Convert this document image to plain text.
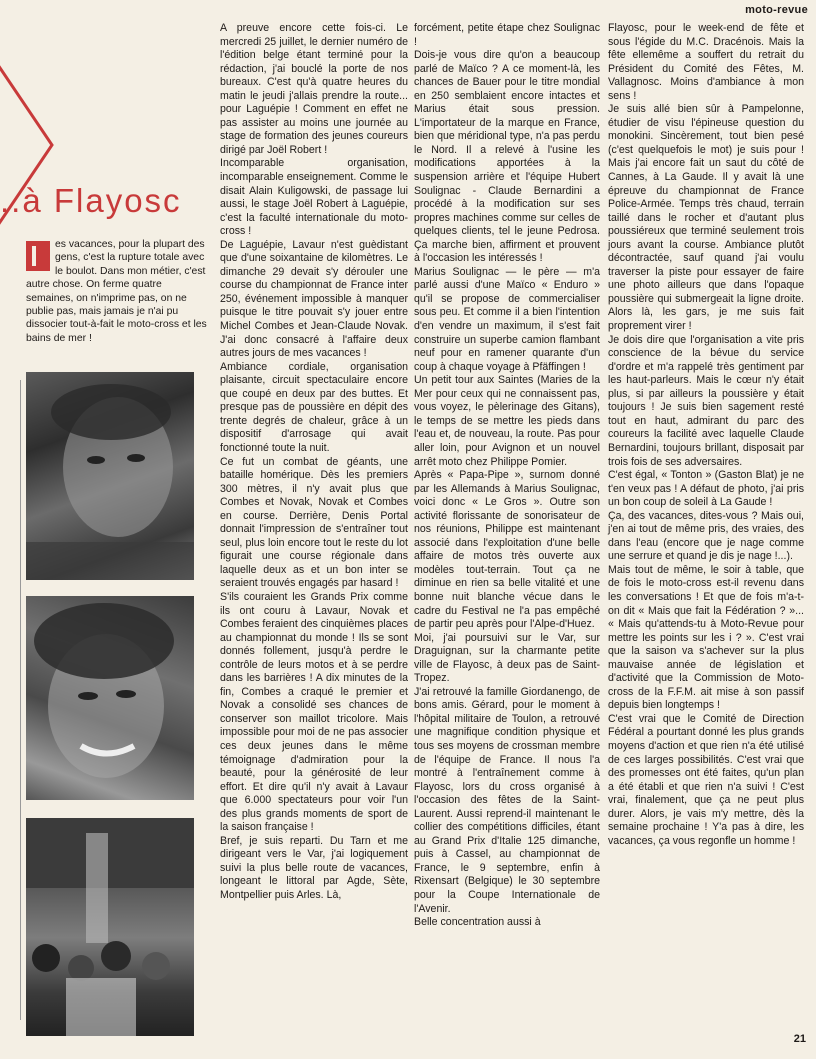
moto-revue
..à Flayosc
es vacances, pour la plupart des gens, c'est la rupture totale avec le boulot. Dans mon métier, c'est autre chose. On ferme quatre semaines, on n'imprime pas, on ne publie pas, mais jamais je n'ai pu dissocier tout-à-fait le moto-cross et les bains de mer !

A preuve encore cette fois-ci. Le mercredi 25 juillet, le dernier numéro de l'édition belge étant terminé pour la rédaction, j'ai bouclé la porte de nos bureaux. C'est qu'à quatre heures du matin le jeudi j'allais prendre la route... pour Laguépie ! Comment en effet ne pas assister au moins une journée au stage de formation des jeunes coureurs dirigé par Joël Robert !

Incomparable organisation, incomparable enseignement. Comme le disait Alain Kuligowski, de passage lui aussi, le stage Joël Robert à Laguépie, c'est la faculté internationale du moto-cross !

De Laguépie, Lavaur n'est guèdistant que d'une soixantaine de kilomètres. Le dimanche 29 devait s'y dérouler une course du championnat de France inter 250, événement impossible à manquer puisque le titre pouvait s'y jouer entre Michel Combes et Jean-Claude Novak. J'ai donc consacré à l'affaire deux autres jours de mes vacances !

Ambiance cordiale, organisation plaisante, circuit spectaculaire encore que coupé en deux par des buttes. Et presque pas de poussière en dépit des trente degrés de chaleur, grâce à un dispositif d'arrosage qui avait fonctionné toute la nuit.

Ce fut un combat de géants, une bataille homérique. Dès les premiers 300 mètres, il n'y avait plus que Combes et Novak, Novak et Combes en course. Derrière, Denis Portal donnait l'impression de s'entraîner tout seul, plus loin encore tout le reste du lot figurait une course régionale dans laquelle deux as et un bon inter se seraient trouvés engagés par hasard !

S'ils couraient les Grands Prix comme ils ont couru à Lavaur, Novak et Combes feraient des cinquièmes places au championnat du monde ! Ils se sont donnés follement, jusqu'à perdre le contrôle de leurs motos et à se perdre dans les barrières ! A dix minutes de la fin, Combes a craqué le premier et Novak a consolidé ses chances de conserver son maillot tricolore. Mais impossible pour moi de ne pas associer ces deux jeunes dans le même témoignage d'admiration pour la beauté, pour la générosité de leur effort. Et dire qu'il n'y avait à Lavaur que 6.000 spectateurs pour voir l'un des plus grands moments de sport de la saison française !

Bref, je suis reparti. Du Tarn et me dirigeant vers le Var, j'ai logiquement suivi la plus belle route de vacances, longeant le littoral par Agde, Sète, Montpellier puis Arles. Là,

forcément, petite étape chez Soulignac !

Dois-je vous dire qu'on a beaucoup parlé de Maïco ? A ce moment-là, les chances de Bauer pour le titre mondial en 250 semblaient encore intactes et Marius était sous pression. L'importateur de la marque en France, bien que méridional type, n'a pas perdu le Nord. Il a relevé à l'usine les modifications apportées à la suspension arrière et l'équipe Hubert Soulignac - Claude Bernardini a procédé à la modification sur ses propres machines comme sur celles de quelques clients, tel le jeune Pedrosa. Ça marche bien, affirment et prouvent à l'occasion les intéressés !

Marius Soulignac — le père — m'a parlé aussi d'une Maïco « Enduro » qu'il se propose de commercialiser sous peu. Et comme il a bien l'intention d'en vendre un maximum, il s'est fait construire un superbe camion flambant neuf pour en ramener quarante d'un coup à chaque voyage à Pfäffingen !

Un petit tour aux Saintes (Maries de la Mer pour ceux qui ne connaissent pas, vous voyez, le pèlerinage des Gitans), le temps de se mettre les pieds dans l'eau et, de nouveau, la route. Pas pour aller loin, pour Avignon et un nouvel arrêt moto chez Philippe Pomier.

Après « Papa-Pipe », surnom donné par les Allemands à Marius Soulignac, voici donc « Le Gros ». Outre son activité florissante de sonorisateur de nos réunions, Philippe est maintenant associé dans l'exploitation d'une belle affaire de motos très ouverte aux modèles tout-terrain. Tout ça ne diminue en rien sa belle vitalité et une bonne nuit blanche vécue dans le cadre du Festival ne l'a pas empêché de partir peu après pour l'Alpe-d'Huez.

Moi, j'ai poursuivi sur le Var, sur Draguignan, sur la charmante petite ville de Flayosc, à deux pas de Saint-Tropez.

J'ai retrouvé la famille Giordanengo, de bons amis. Gérard, pour le moment à l'hôpital militaire de Toulon, a retrouvé une magnifique condition physique et tous ses moyens de crossman membre de l'équipe de France. Il nous l'a montré à l'entraînement comme à Flayosc, lors du cross organisé à l'occasion des fêtes de la Saint-Laurent. Aussi reprend-il maintenant le collier des compétitions difficiles, étant au Grand Prix d'Italie 125 dimanche, puis à Cassel, au championnat de France, le 9 septembre, enfin à Rixensart (Belgique) le 30 septembre pour la Coupe Internationale de l'Avenir.

Belle concentration aussi à

Flayosc, pour le week-end de fête et sous l'égide du M.C. Dracénois. Mais la fête ellemême a souffert du retrait du Président du Comité des Fêtes, M. Vallagnosc. Moins d'ambiance à mon sens !

Je suis allé bien sûr à Pampelonne, étudier de visu l'épineuse question du monokini. Sincèrement, tout bien pesé (c'est quelquefois le mot) je suis pour ! Mais j'ai encore fait un saut du côté de Cannes, à La Gaude. Il y avait là une épreuve du championnat de France Police-Armée. Temps très chaud, terrain taillé dans le rocher et d'autant plus poussiéreux que terminé seulement trois jours avant la course. Ambiance plutôt décontractée, sauf quand j'ai voulu traverser la piste pour essayer de faire une photo ailleurs que dans l'opaque poussière qui submergeait la ligne droite. Alors là, les gars, je me suis fait proprement virer !

Je dois dire que l'organisation a vite pris conscience de la bévue du service d'ordre et m'a rappelé très gentiment par les haut-parleurs. Mais le cœur n'y était plus, si par ailleurs la poussière y était toujours ! Je suis bien sagement resté tout en haut, admirant du parc des coureurs la facilité avec laquelle Claude Bernardini, toujours brillant, disposait par trois fois de ses adversaires.

C'est égal, « Tonton » (Gaston Blat) je ne t'en veux pas ! A défaut de photo, j'ai pris un bon coup de soleil à La Gaude !

Ça, des vacances, dites-vous ? Mais oui, j'en ai tout de même pris, des vraies, des dans l'eau (encore que je nage comme une serrure et quand je dis je nage !...).

Mais tout de même, le soir à table, que de fois le moto-cross est-il revenu dans les conversations ! Et que de fois m'a-t-on dit « Mais que fait la Fédération ? »... « Mais qu'attends-tu à Moto-Revue pour mettre les points sur les i ? ». C'est vrai que la saison va s'achever sur la plus mauvaise année de législation et d'activité que la Commission de Moto-cross de la F.F.M. ait mise à son passif depuis bien longtemps !

C'est vrai que le Comité de Direction Fédéral a pourtant donné les plus grands moyens d'action et que rien n'a été utilisé de ces larges possibilités. C'est vrai que des promesses ont été faites, qu'un plan a été établi et que rien n'a suivi ! C'est vrai, finalement, que ça ne peut plus durer. Alors, je vais m'y mettre, dès la semaine prochaine ! Y'a pas à dire, les vacances, ça vous regonfle un homme !

21
